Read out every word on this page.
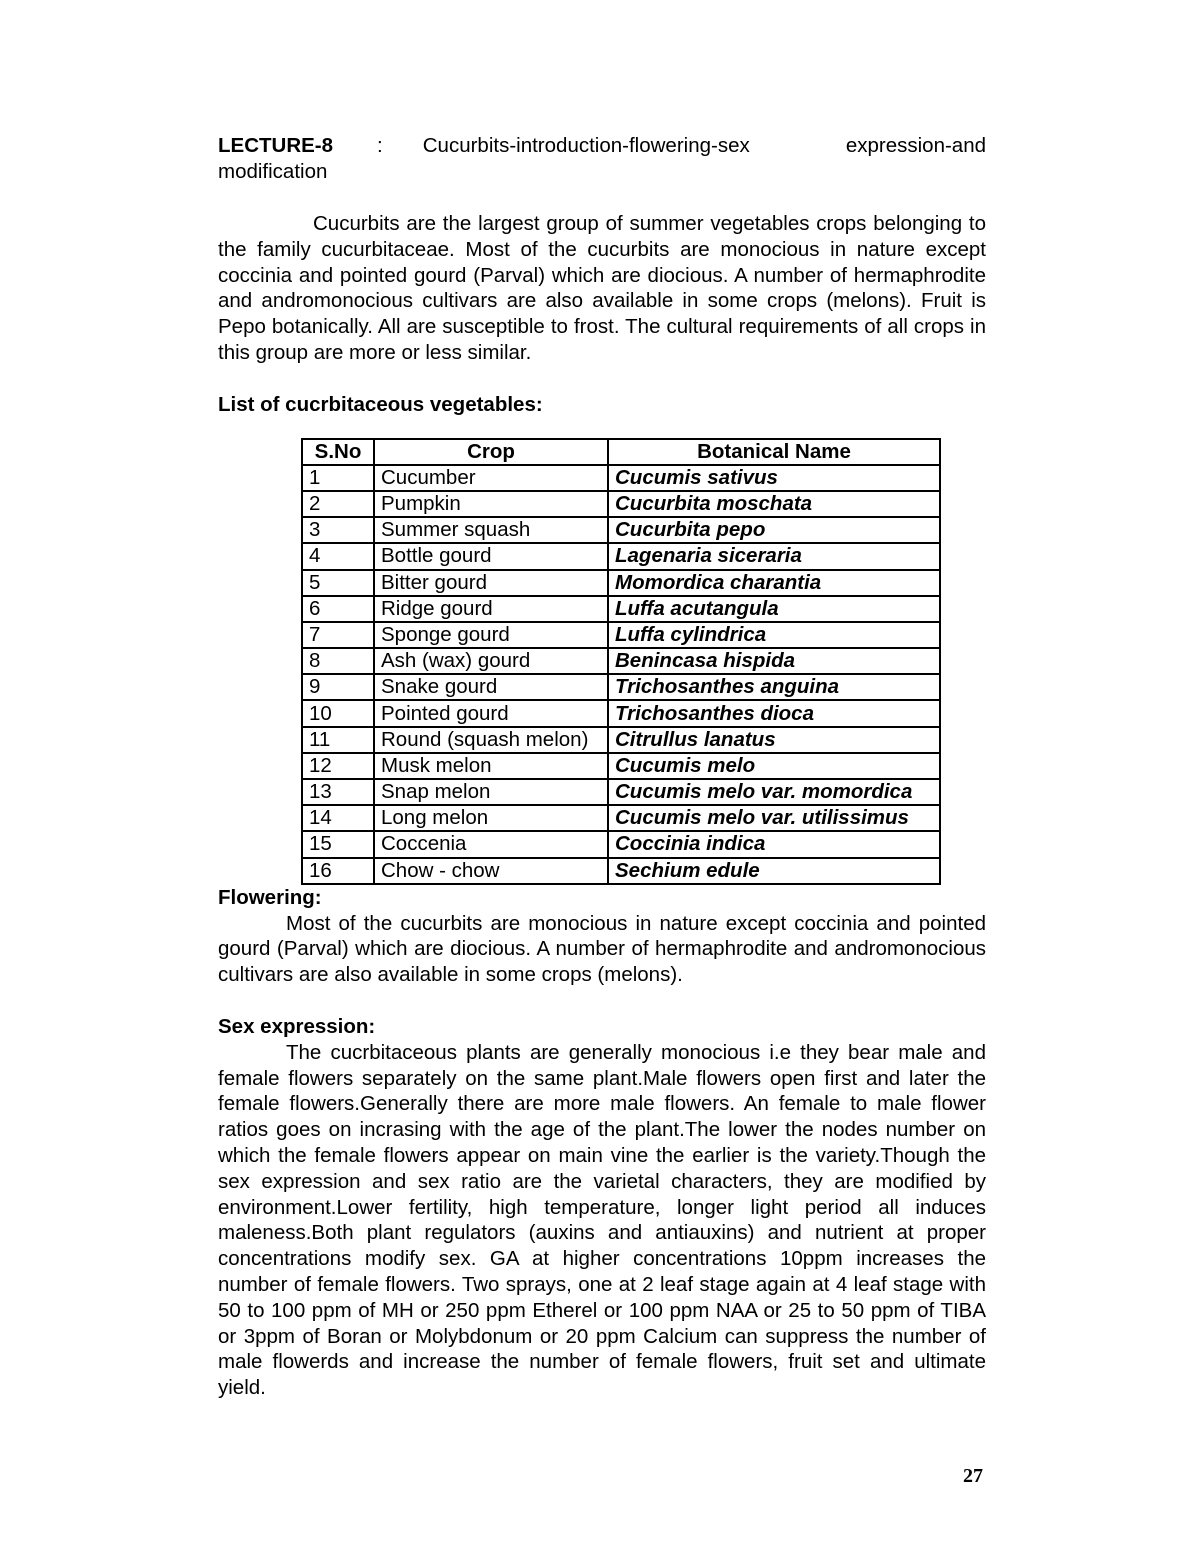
LECTURE-8 : Cucurbits-introduction-flowering-sex	expression-and
modification

Cucurbits are the largest group of summer vegetables crops belonging to the family cucurbitaceae. Most of the cucurbits are monocious in nature except coccinia and pointed gourd (Parval) which are diocious. A number of hermaphrodite and andromonocious cultivars are also available in some crops (melons). Fruit is Pepo botanically. All are susceptible to frost. The cultural requirements of all crops in this group are more or less similar.

List of cucrbitaceous vegetables:
S.No	Crop	Botanical Name
1	Cucumber	Cucumis sativus
2	Pumpkin	Cucurbita moschata
3	Summer squash	Cucurbita pepo
4	Bottle gourd	Lagenaria siceraria
5	Bitter gourd	Momordica charantia
6	Ridge gourd	Luffa acutangula
7	Sponge gourd	Luffa cylindrica
8	Ash (wax) gourd	Benincasa hispida
9	Snake gourd	Trichosanthes anguina
10	Pointed gourd	Trichosanthes dioca
11	Round (squash melon)	Citrullus lanatus
12	Musk melon	Cucumis melo
13	Snap melon	Cucumis melo var. momordica
14	Long melon	Cucumis melo var. utilissimus
15	Coccenia	Coccinia indica
16	Chow - chow	Sechium edule
Flowering:

Most of the cucurbits are monocious in nature except coccinia and pointed gourd (Parval) which are diocious. A number of hermaphrodite and andromonocious cultivars are also available in some crops (melons).

Sex expression:

The cucrbitaceous plants are generally monocious i.e they bear male and female flowers separately on the same plant.Male flowers open first and later the female flowers.Generally there are more male flowers. An female to male flower ratios goes on incrasing with the age of the plant.The lower the nodes number on which the female flowers appear on main vine the earlier is the variety.Though the sex expression and sex ratio are the varietal characters, they are modified by environment.Lower fertility, high temperature, longer light period all induces maleness.Both plant regulators (auxins and antiauxins) and nutrient at proper concentrations modify sex. GA at higher concentrations 10ppm increases the number of female flowers. Two sprays, one at 2 leaf stage again at 4 leaf stage with 50 to 100 ppm of MH or 250 ppm Etherel or 100 ppm NAA or 25 to 50 ppm of TIBA or 3ppm of Boran or Molybdonum or 20 ppm Calcium can suppress the number of male flowerds and increase the number of female flowers, fruit set and ultimate yield.

27
